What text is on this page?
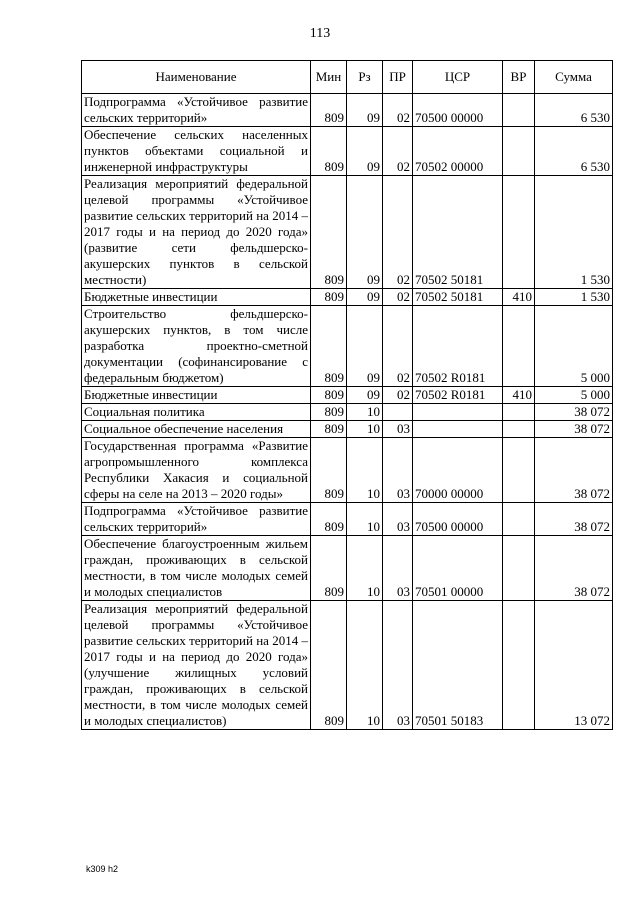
113
Наименование	Мин	Рз	ПР	ЦСР	ВР	Сумма
Подпрограмма «Устойчивое развитие сельских территорий»	809	09	02	70500 00000		6 530
Обеспечение сельских населенных пунктов объектами социальной и инженерной инфраструктуры	809	09	02	70502 00000		6 530
Реализация мероприятий федеральной целевой программы «Устойчивое развитие сельских территорий на 2014 – 2017 годы и на период до 2020 года» (развитие сети фельдшерско-акушерских пунктов в сельской местности)	809	09	02	70502 50181		1 530
Бюджетные инвестиции	809	09	02	70502 50181	410	1 530
Строительство фельдшерско-акушерских пунктов, в том числе разработка проектно-сметной документации (софинансирование с федеральным бюджетом)	809	09	02	70502 R0181		5 000
Бюджетные инвестиции	809	09	02	70502 R0181	410	5 000
Социальная политика	809	10				38 072
Социальное обеспечение населения	809	10	03			38 072
Государственная программа «Развитие агропромышленного комплекса Республики Хакасия и социальной сферы на селе на 2013 – 2020 годы»	809	10	03	70000 00000		38 072
Подпрограмма «Устойчивое развитие сельских территорий»	809	10	03	70500 00000		38 072
Обеспечение благоустроенным жильем граждан, проживающих в сельской местности, в том числе молодых семей и молодых специалистов	809	10	03	70501 00000		38 072
Реализация мероприятий федеральной целевой программы «Устойчивое развитие сельских территорий на 2014 – 2017 годы и на период до 2020 года» (улучшение жилищных условий граждан, проживающих в сельской местности, в том числе молодых семей и молодых специалистов)	809	10	03	70501 50183		13 072
k309 h2
